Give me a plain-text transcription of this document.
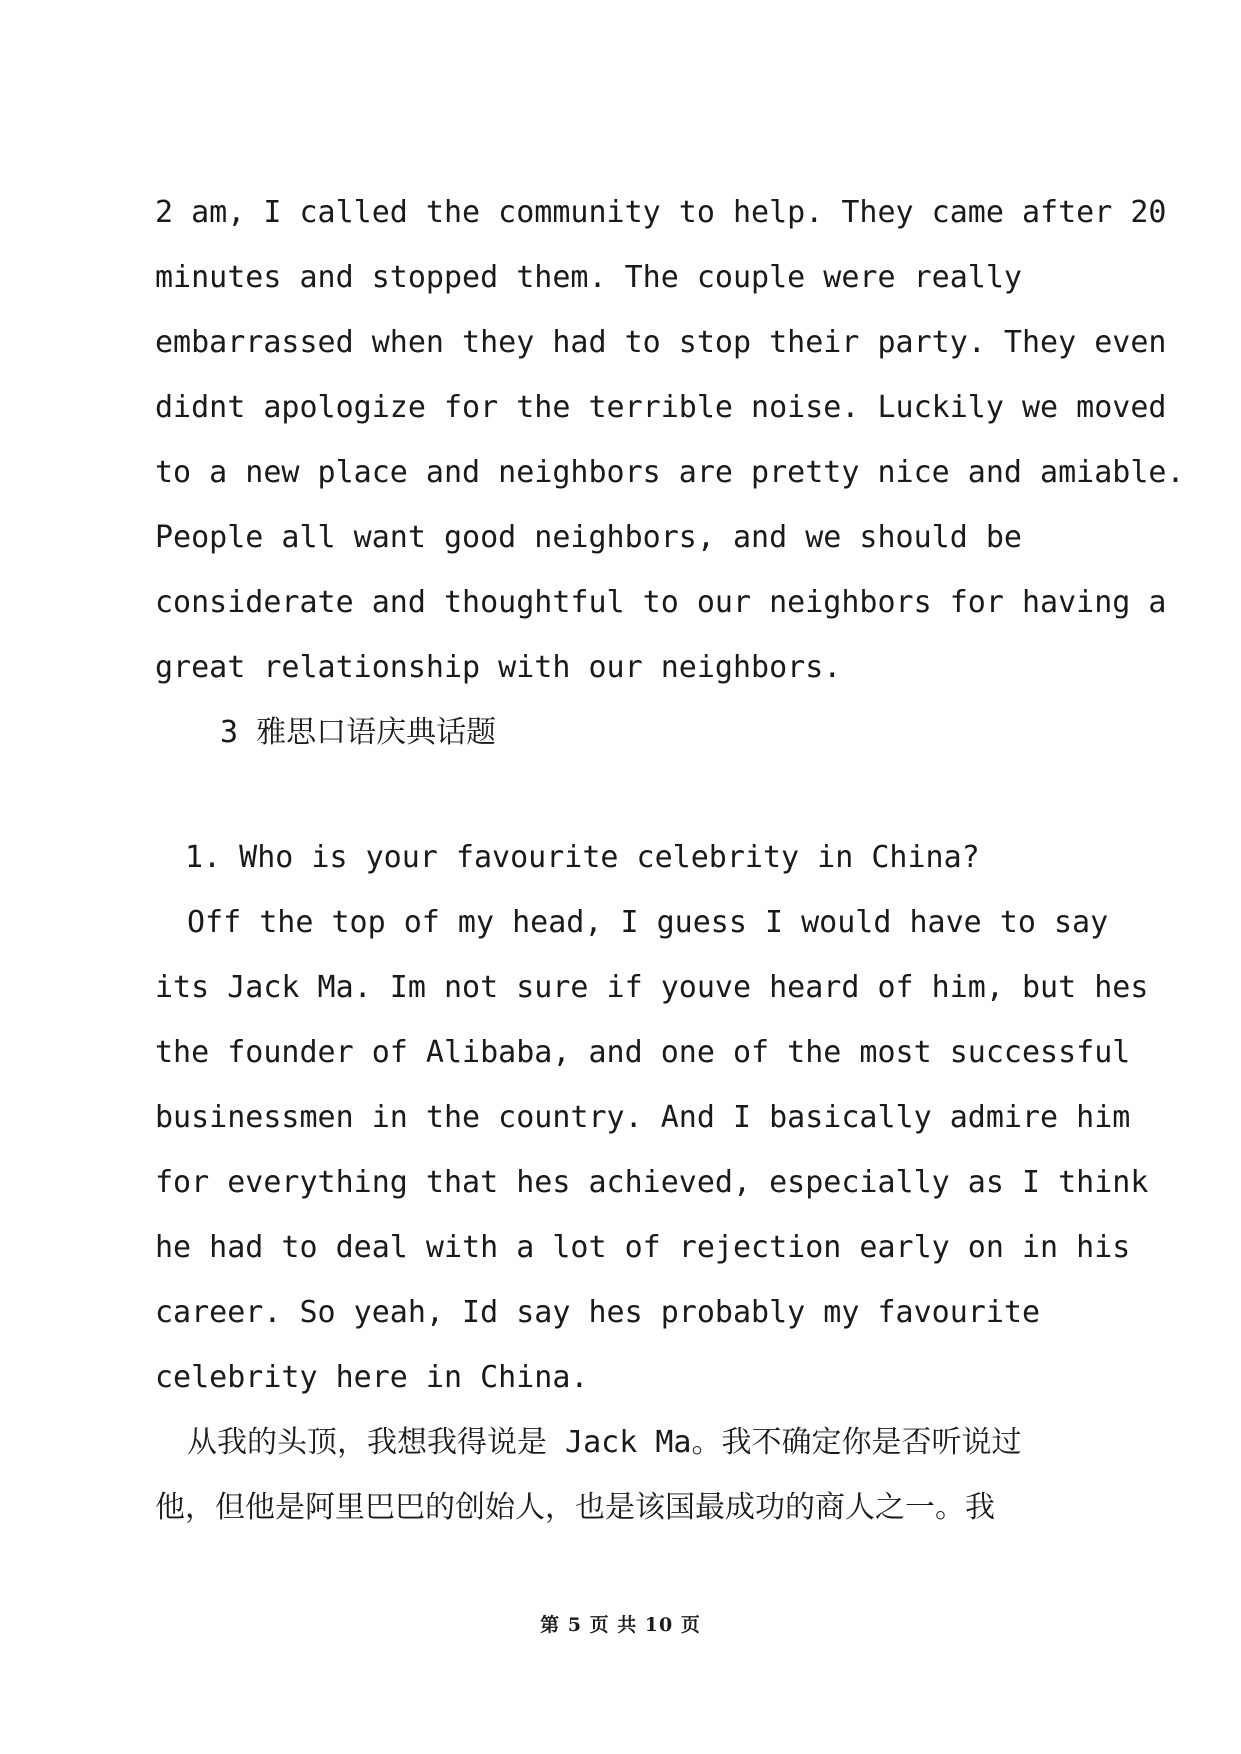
2 am, I called the community to help. They came after 20
minutes and stopped them. The couple were really
embarrassed when they had to stop their party. They even
didnt apologize for the terrible noise. Luckily we moved
to a new place and neighbors are pretty nice and amiable.
People all want good neighbors, and we should be
considerate and thoughtful to our neighbors for having a
great relationship with our neighbors.
3 雅思口语庆典话题
1. Who is your favourite celebrity in China?
Off the top of my head, I guess I would have to say
its Jack Ma. Im not sure if youve heard of him, but hes
the founder of Alibaba, and one of the most successful
businessmen in the country. And I basically admire him
for everything that hes achieved, especially as I think
he had to deal with a lot of rejection early on in his
career. So yeah, Id say hes probably my favourite
celebrity here in China.
从我的头顶，我想我得说是 Jack Ma。我不确定你是否听说过
他，但他是阿里巴巴的创始人，也是该国最成功的商人之一。我
第 5 页 共 10 页
